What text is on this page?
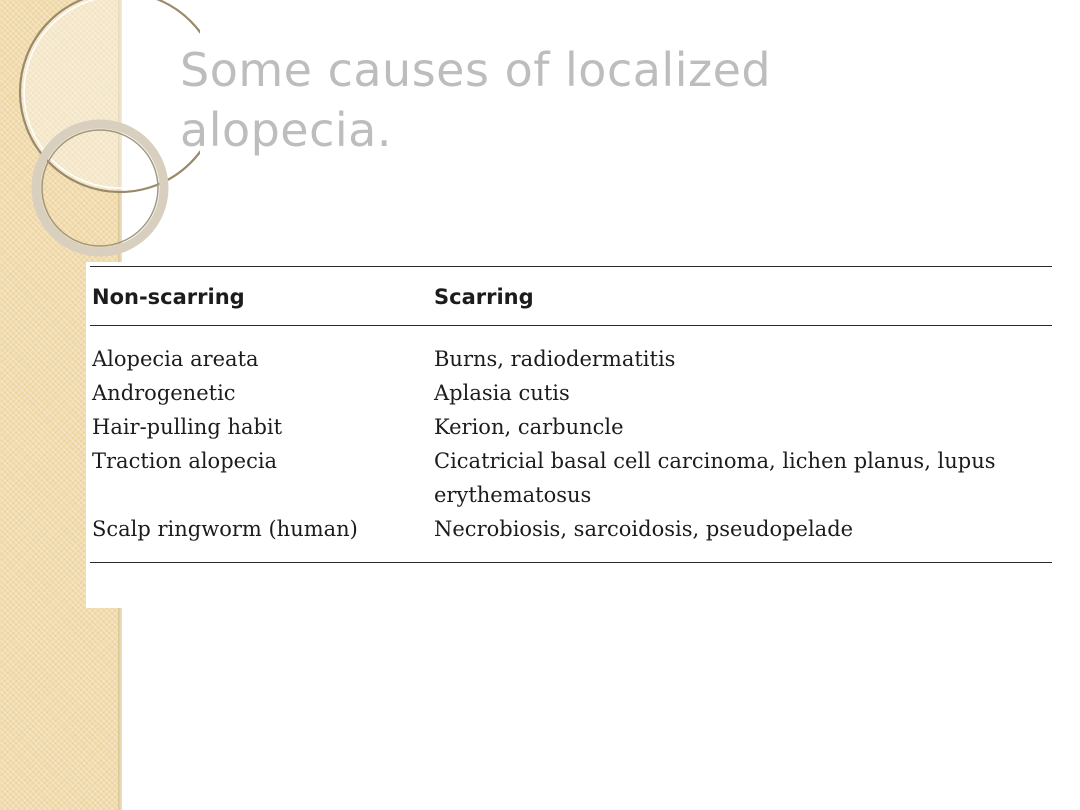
Some causes of localized alopecia.
Non-scarring	Scarring
Alopecia areata	Burns, radiodermatitis
Androgenetic	Aplasia cutis
Hair-pulling habit	Kerion, carbuncle
Traction alopecia	Cicatricial basal cell carcinoma, lichen planus, lupus erythematosus
Scalp ringworm (human)	Necrobiosis, sarcoidosis, pseudopelade
